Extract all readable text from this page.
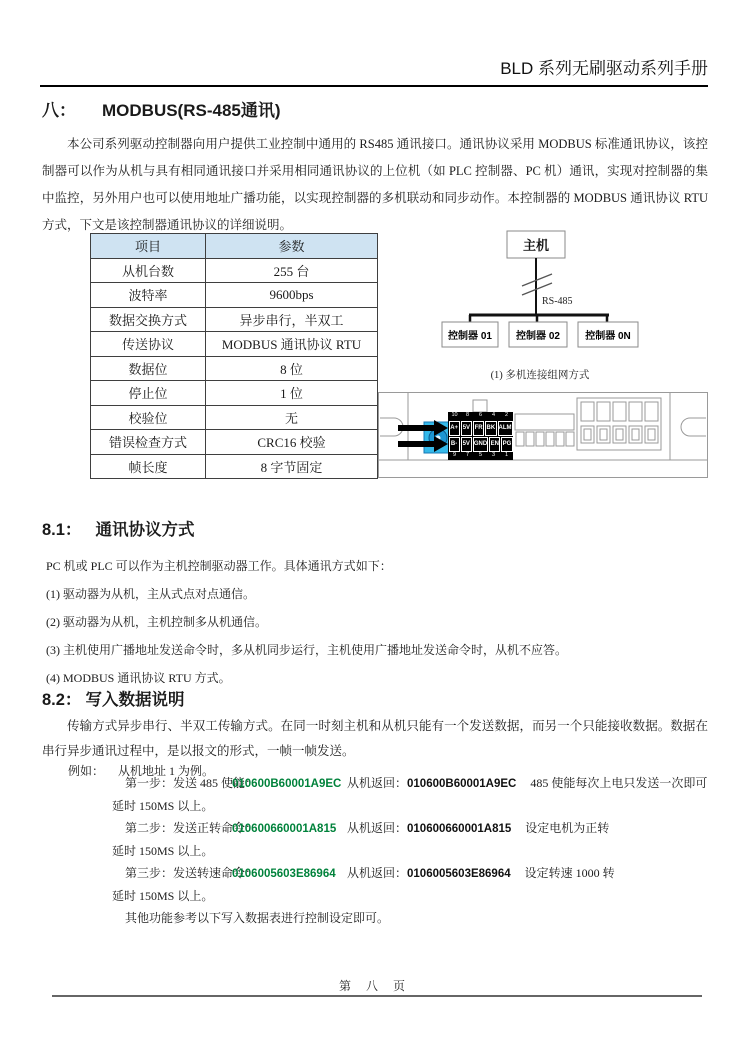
BLD 系列无刷驱动系列手册
八： MODBUS(RS-485通讯)
本公司系列驱动控制器向用户提供工业控制中通用的 RS485 通讯接口。通讯协议采用 MODBUS 标准通讯协议，该控制器可以作为从机与具有相同通讯接口并采用相同通讯协议的上位机（如 PLC 控制器、PC 机）通讯，实现对控制器的集中监控，另外用户也可以使用地址广播功能，以实现控制器的多机联动和同步动作。本控制器的 MODBUS 通讯协议 RTU 方式，下文是该控制器通讯协议的详细说明。
项目	参数
从机台数	255 台
波特率	9600bps
数据交换方式	异步串行，半双工
传送协议	MODBUS 通讯协议 RTU
数据位	8 位
停止位	1 位
校验位	无
错误检查方式	CRC16 校验
帧长度	8 字节固定
主机
RS-485
控制器 01 控制器 02	控制器 0N
(1) 多机连接组网方式
10	8	6	4	2
A+ 5V FR BK ALM
B- 5V GND EN PG
9	7	5	3	1
8.1： 通讯协议方式
PC 机或 PLC 可以作为主机控制驱动器工作。具体通讯方式如下：
(1) 驱动器为从机，主从式点对点通信。
(2) 驱动器为从机，主机控制多从机通信。
(3) 主机使用广播地址发送命令时，多从机同步运行，主机使用广播地址发送命令时，从机不应答。
(4) MODBUS 通讯协议 RTU 方式。
8.2： 写入数据说明
传输方式异步串行、半双工传输方式。在同一时刻主机和从机只能有一个发送数据，而另一个只能接收数据。数据在串行异步通讯过程中，是以报文的形式，一帧一帧发送。
例如： 从机地址 1 为例。
第一步：发送 485 使能：010600B60001A9EC 从机返回：010600B60001A9EC 485 使能每次上电只发送一次即可
延时 150MS 以上。
第二步：发送正转命令：010600660001A815 从机返回：010600660001A815 设定电机为正转
延时 150MS 以上。
第三步：发送转速命令：0106005603E86964 从机返回：0106005603E86964 设定转速 1000 转
延时 150MS 以上。
其他功能参考以下写入数据表进行控制设定即可。
第 八 页
